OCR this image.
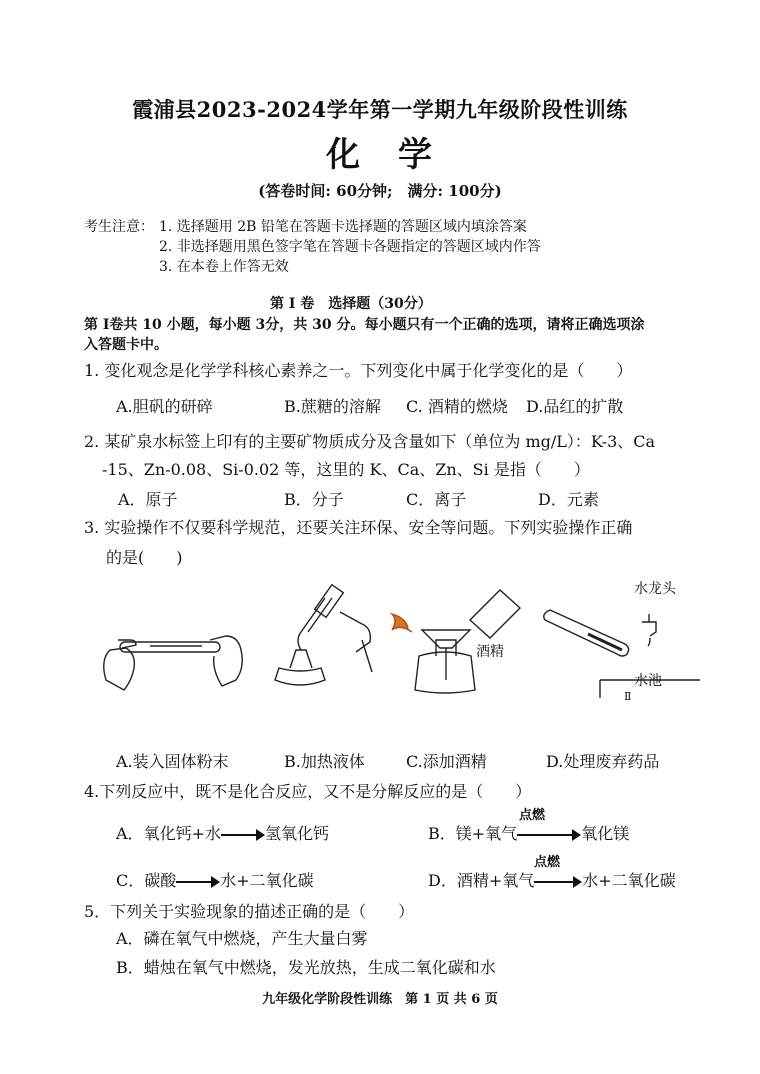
霞浦县2023-2024学年第一学期九年级阶段性训练
化　学
(答卷时间: 60分钟;　满分: 100分)
考生注意： 1. 选择题用 2B 铅笔在答题卡选择题的答题区域内填涂答案
2. 非选择题用黑色签字笔在答题卡各题指定的答题区域内作答
3. 在本卷上作答无效
第 I 卷　选择题（30分）
第 I卷共 10 小题，每小题 3分，共 30 分。每小题只有一个正确的选项，请将正确选项涂
入答题卡中。
1. 变化观念是化学学科核心素养之一。下列变化中属于化学变化的是（　　）
A.胆矾的研碎	B.蔗糖的溶解 C. 酒精的燃烧 D.品红的扩散
2. 某矿泉水标签上印有的主要矿物质成分及含量如下（单位为 mg/L）：K-3、Ca
-15、Zn-0.08、Si-0.02 等，这里的 K、Ca、Zn、Si 是指（　　）
A．原子	B．分子	C．离子	D．元素
3. 实验操作不仅要科学规范，还要关注环保、安全等问题。下列实验操作正确
的是(　　)
水龙头
酒精
水池
Ⅱ
A.装入固体粉末	B.加热液体	C.添加酒精	D.处理废弃药品
4.下列反应中，既不是化合反应，又不是分解反应的是（　　）
A．氧化钙+水	氢氧化钙
点燃
B．镁+氧气	氧化镁
C．碳酸	水+二氧化碳
点燃
D．酒精+氧气	水+二氧化碳
5．下列关于实验现象的描述正确的是（　　）
A．磷在氧气中燃烧，产生大量白雾
B．蜡烛在氧气中燃烧，发光放热，生成二氧化碳和水
九年级化学阶段性训练　第 1 页 共 6 页
